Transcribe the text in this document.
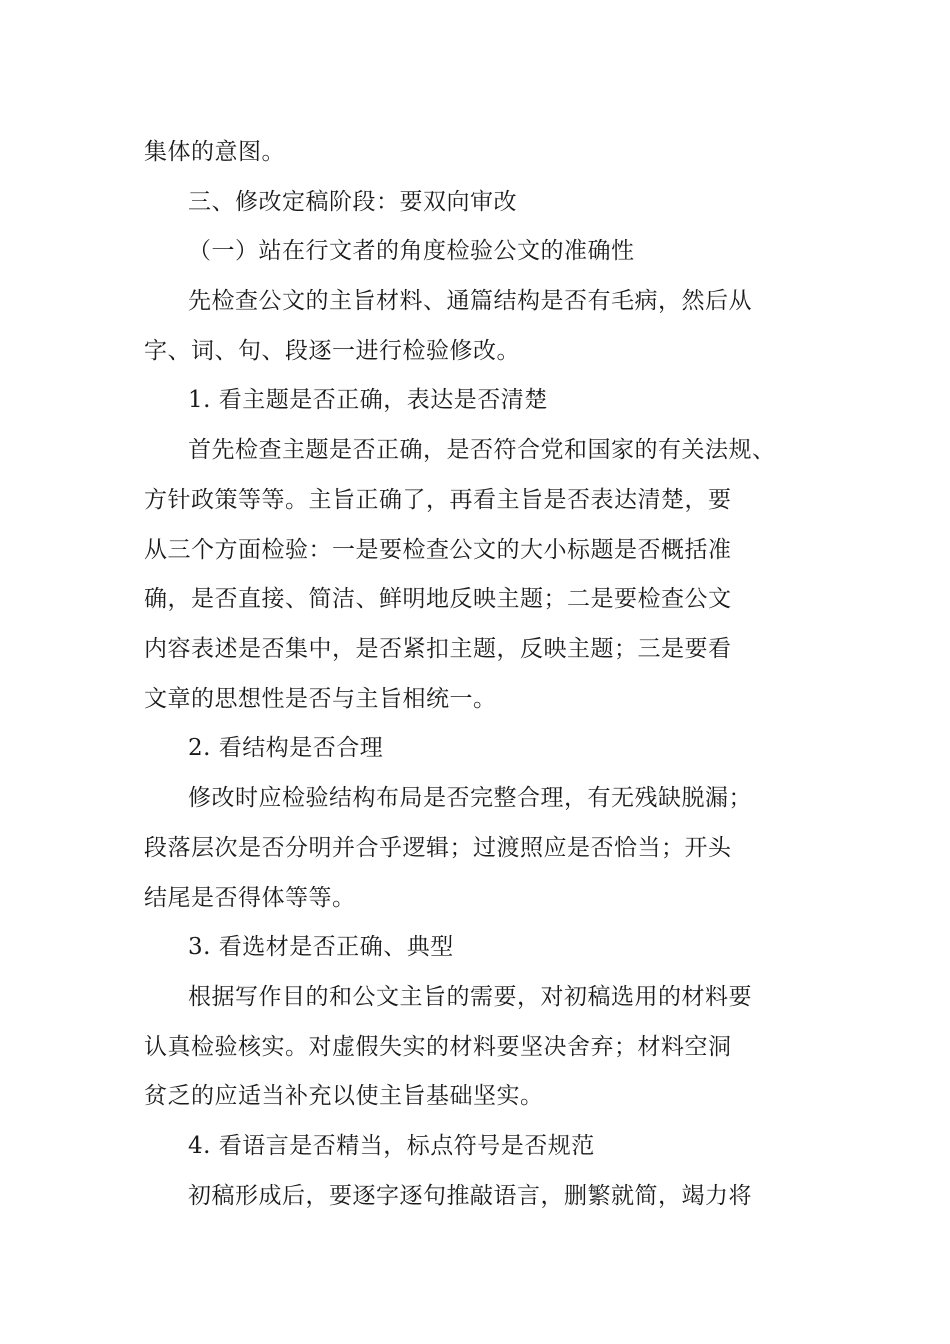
集体的意图。
三、修改定稿阶段：要双向审改
（一）站在行文者的角度检验公文的准确性
先检查公文的主旨材料、通篇结构是否有毛病，然后从
字、词、句、段逐一进行检验修改。
1. 看主题是否正确，表达是否清楚
首先检查主题是否正确，是否符合党和国家的有关法规、
方针政策等等。主旨正确了，再看主旨是否表达清楚，要
从三个方面检验：一是要检查公文的大小标题是否概括准
确，是否直接、简洁、鲜明地反映主题；二是要检查公文
内容表述是否集中，是否紧扣主题，反映主题；三是要看
文章的思想性是否与主旨相统一。
2. 看结构是否合理
修改时应检验结构布局是否完整合理，有无残缺脱漏；
段落层次是否分明并合乎逻辑；过渡照应是否恰当；开头
结尾是否得体等等。
3. 看选材是否正确、典型
根据写作目的和公文主旨的需要，对初稿选用的材料要
认真检验核实。对虚假失实的材料要坚决舍弃；材料空洞
贫乏的应适当补充以使主旨基础坚实。
4. 看语言是否精当，标点符号是否规范
初稿形成后，要逐字逐句推敲语言，删繁就简，竭力将
